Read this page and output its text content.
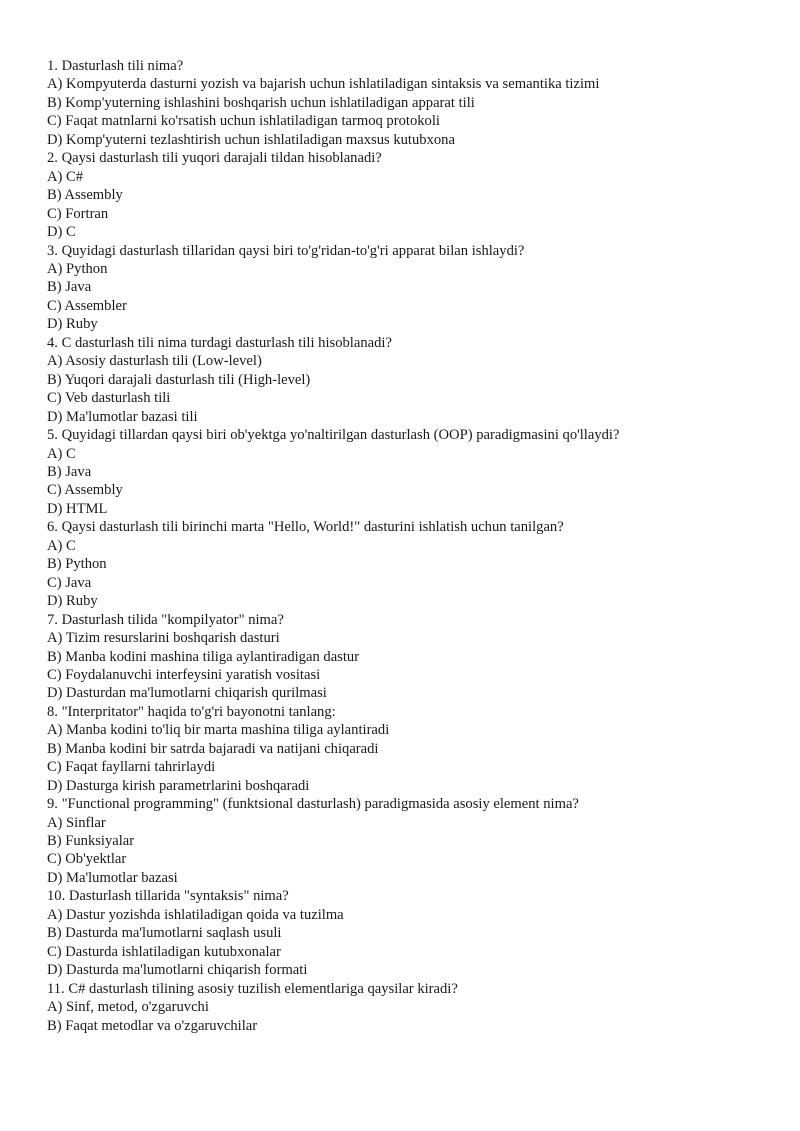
1. Dasturlash tili nima?
A) Kompyuterda dasturni yozish va bajarish uchun ishlatiladigan sintaksis va semantika tizimi
B) Komp'yuterning ishlashini boshqarish uchun ishlatiladigan apparat tili
C) Faqat matnlarni ko'rsatish uchun ishlatiladigan tarmoq protokoli
D) Komp'yuterni tezlashtirish uchun ishlatiladigan maxsus kutubxona
2. Qaysi dasturlash tili yuqori darajali tildan hisoblanadi?
A) C#
B) Assembly
C) Fortran
D) C
3. Quyidagi dasturlash tillaridan qaysi biri to'g'ridan-to'g'ri apparat bilan ishlaydi?
A) Python
B) Java
C) Assembler
D) Ruby
4. C dasturlash tili nima turdagi dasturlash tili hisoblanadi?
A) Asosiy dasturlash tili (Low-level)
B) Yuqori darajali dasturlash tili (High-level)
C) Veb dasturlash tili
D) Ma'lumotlar bazasi tili
5. Quyidagi tillardan qaysi biri ob'yektga yo'naltirilgan dasturlash (OOP) paradigmasini qo'llaydi?
A) C
B) Java
C) Assembly
D) HTML
6. Qaysi dasturlash tili birinchi marta "Hello, World!" dasturini ishlatish uchun tanilgan?
A) C
B) Python
C) Java
D) Ruby
7. Dasturlash tilida "kompilyator" nima?
A) Tizim resurslarini boshqarish dasturi
B) Manba kodini mashina tiliga aylantiradigan dastur
C) Foydalanuvchi interfeysini yaratish vositasi
D) Dasturdan ma'lumotlarni chiqarish qurilmasi
8. "Interpritator" haqida to'g'ri bayonotni tanlang:
A) Manba kodini to'liq bir marta mashina tiliga aylantiradi
B) Manba kodini bir satrda bajaradi va natijani chiqaradi
C) Faqat fayllarni tahrirlaydi
D) Dasturga kirish parametrlarini boshqaradi
9. "Functional programming" (funktsional dasturlash) paradigmasida asosiy element nima?
A) Sinflar
B) Funksiyalar
C) Ob'yektlar
D) Ma'lumotlar bazasi
10. Dasturlash tillarida "syntaksis" nima?
A) Dastur yozishda ishlatiladigan qoida va tuzilma
B) Dasturda ma'lumotlarni saqlash usuli
C) Dasturda ishlatiladigan kutubxonalar
D) Dasturda ma'lumotlarni chiqarish formati
11. C# dasturlash tilining asosiy tuzilish elementlariga qaysilar kiradi?
A) Sinf, metod, o'zgaruvchi
B) Faqat metodlar va o'zgaruvchilar
